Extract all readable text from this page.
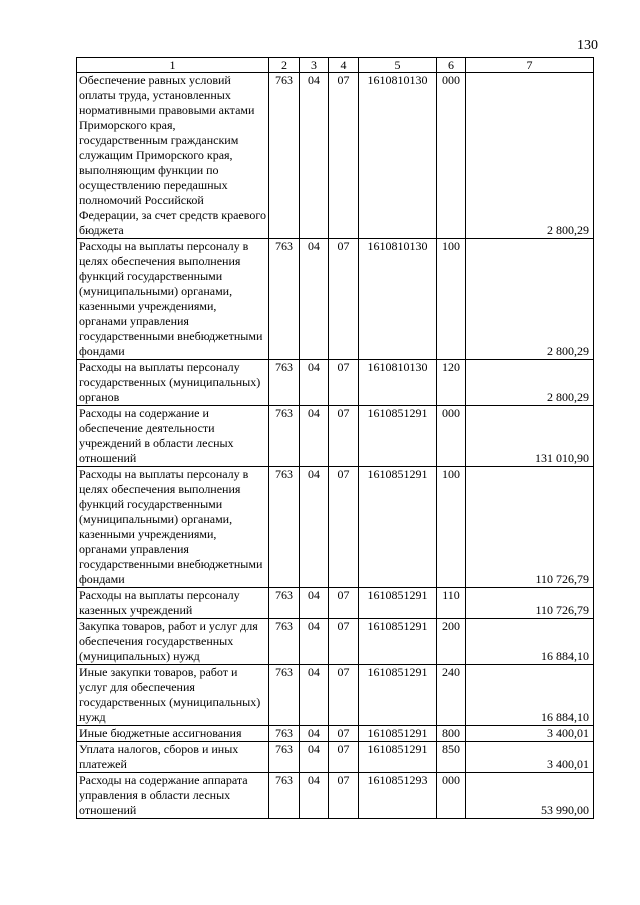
130
1	2	3	4	5	6	7
Обеспечение равных условий оплаты труда, установленных нормативными правовыми актами Приморского края, государственным гражданским служащим Приморского края, выполняющим функции по осуществлению передашных полномочий Российской Федерации, за счет средств краевого бюджета	763	04	07	1610810130	000	2 800,29
Расходы на выплаты персоналу в целях обеспечения выполнения функций государственными (муниципальными) органами, казенными учреждениями, органами управления государственными внебюджетными фондами	763	04	07	1610810130	100	2 800,29
Расходы на выплаты персоналу государственных (муниципальных) органов	763	04	07	1610810130	120	2 800,29
Расходы на содержание и обеспечение деятельности учреждений в области лесных отношений	763	04	07	1610851291	000	131 010,90
Расходы на выплаты персоналу в целях обеспечения выполнения функций государственными (муниципальными) органами, казенными учреждениями, органами управления государственными внебюджетными фондами	763	04	07	1610851291	100	110 726,79
Расходы на выплаты персоналу казенных учреждений	763	04	07	1610851291	110	110 726,79
Закупка товаров, работ и услуг для обеспечения государственных (муниципальных) нужд	763	04	07	1610851291	200	16 884,10
Иные закупки товаров, работ и услуг для обеспечения государственных (муниципальных) нужд	763	04	07	1610851291	240	16 884,10
Иные бюджетные ассигнования	763	04	07	1610851291	800	3 400,01
Уплата налогов, сборов и иных платежей	763	04	07	1610851291	850	3 400,01
Расходы на содержание аппарата управления в области лесных отношений	763	04	07	1610851293	000	53 990,00
